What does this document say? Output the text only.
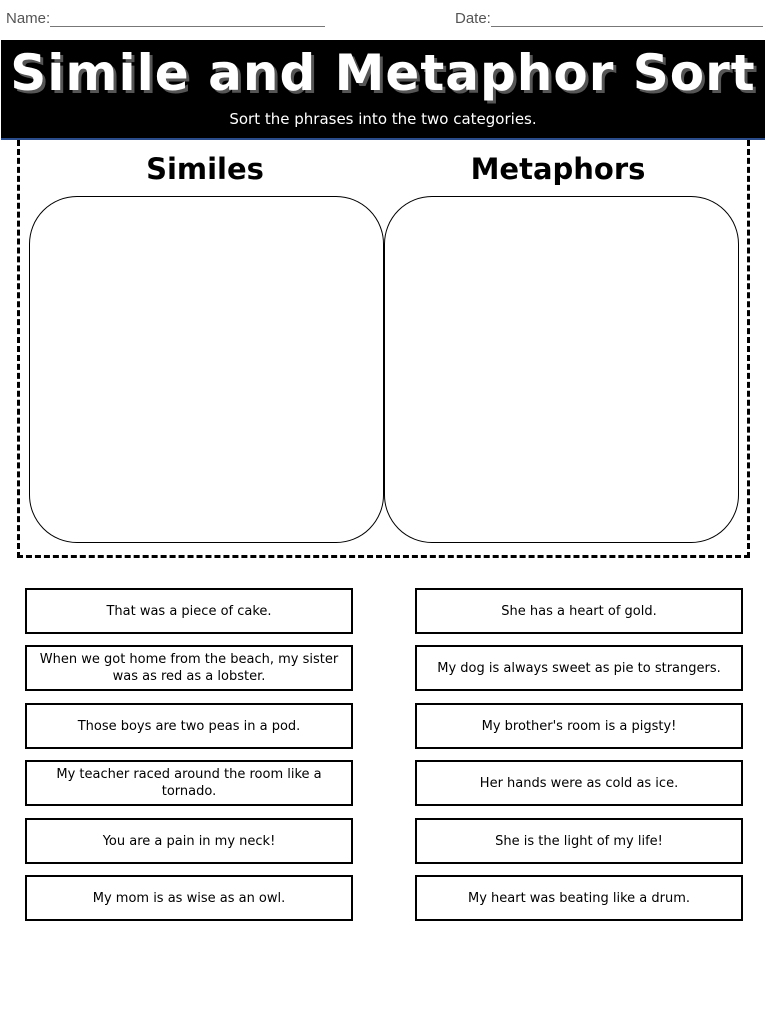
Name:	Date:
Simile and Metaphor Sort
Sort the phrases into the two categories.
Similes	Metaphors
That was a piece of cake.
When we got home from the beach, my sister was as red as a lobster.
Those boys are two peas in a pod.
My teacher raced around the room like a tornado.
You are a pain in my neck!
My mom is as wise as an owl.
She has a heart of gold.
My dog is always sweet as pie to strangers.
My brother's room is a pigsty!
Her hands were as cold as ice.
She is the light of my life!
My heart was beating like a drum.
